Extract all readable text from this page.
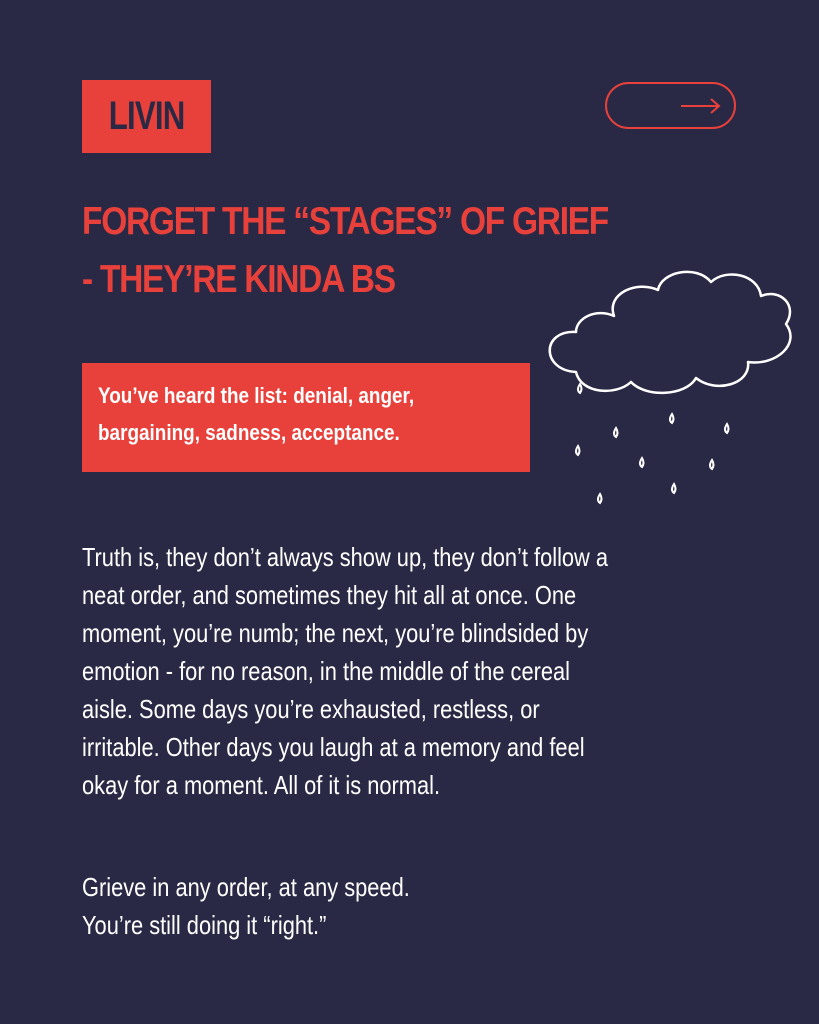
LIVIN
FORGET THE “STAGES” OF GRIEF
- THEY’RE KINDA BS
You’ve heard the list: denial, anger,
bargaining, sadness, acceptance.

Truth is, they don’t always show up, they don’t follow a

neat order, and sometimes they hit all at once. One

moment, you’re numb; the next, you’re blindsided by

emotion - for no reason, in the middle of the cereal

aisle. Some days you’re exhausted, restless, or

irritable. Other days you laugh at a memory and feel

okay for a moment. All of it is normal.

Grieve in any order, at any speed.

You’re still doing it “right.”
